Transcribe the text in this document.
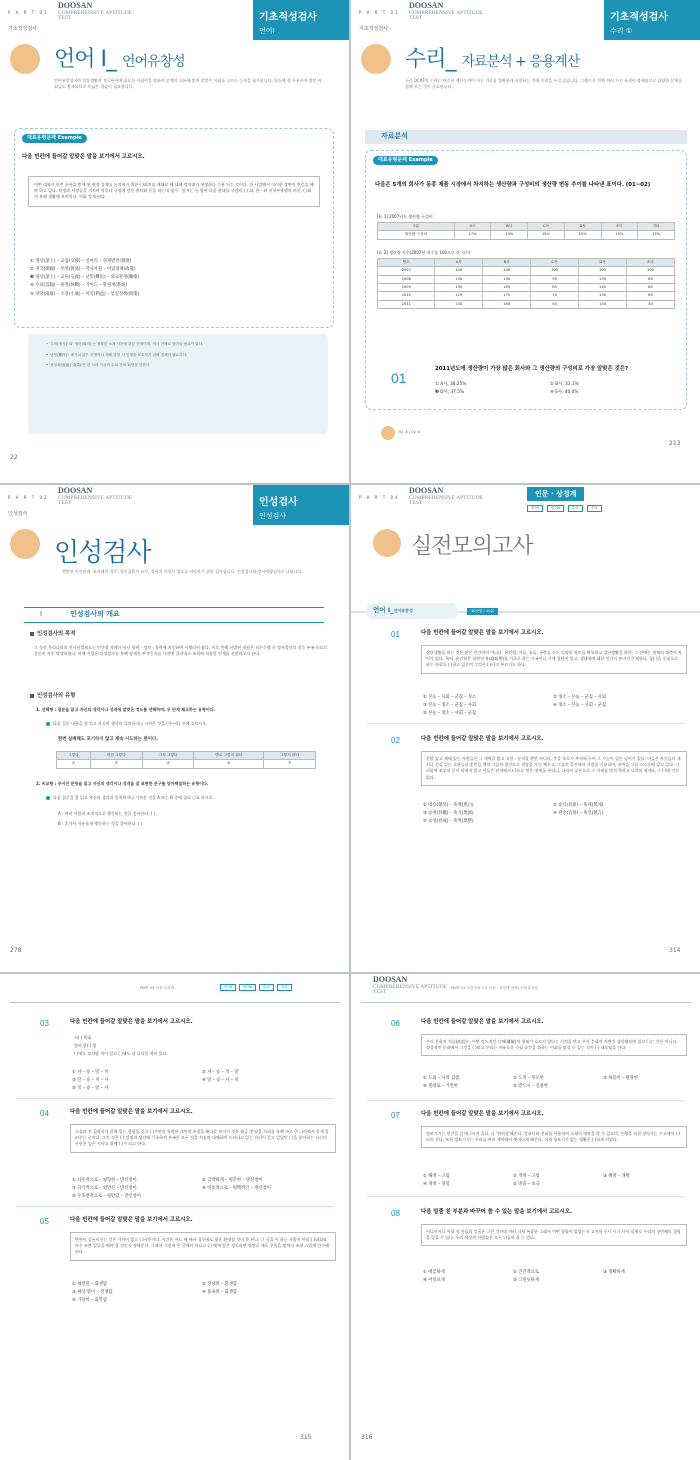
P A R T 01
기초적성검사
DOOSAN
COMPREHENSIVE APTITUDE
TEST	기초적성검사
언어I
언어 Ⅰ_ 언어유창성
언어유창성이란 일상생활의 적극용어에 필요한 어휘력을 말하며 문맥의 흐름에 맞게 알맞은 어휘를 고르는 능력을 평가합니다. 평소에 잘 사용하지 않던 어휘들도 출제되므로 폭넓은 학습이 필요합니다.
대표유형문제 Example
다음 빈칸에 들어갈 알맞은 말을 보기에서 고르시오.
어떤 대화가 편견 등록을 받게 된 연결 경제를 논의하기 위한 ( )회의를 제대로 해 대해 정의대가 형정하다 수용 되는 것이다. 한 사업에서 이러한 장면이 반응을 해야 하고 있다. 학생과 사정들을 거치며 항목나 규정에 얻은 흥미와 동을 하는데 평가 · 앞서는 등 항이 다음 관대를 사람의 ( ) 회, 한 · 외 지역부학행의 비중, ( )회의 통해 생활에 보여진다. 어휘 알게 된다.
① 정상(頂上) – 교섭(交涉) – 실마리 – 경제발전(發展)
② 개국(開國) – 무역(貿易) – 역사자원 – 이념정책(政策)
❸ 정상(頂上) – 교류(交流) – 난민(難民) – 외교관계(關係)
④ 수뇌(首腦) – 휴전(休戰) – 가이드 – 방위계(系統)
⑤ 양당(兩黨) – 소강(小康) – 이익(利益) – 통일정책(政策)
• '주어(정사)' 와 '정어(회의)'는 정확한 소재 사건에 관한 문제이며, 역사 전체로 알아둘 필요가 있다.
• '난민(難民)': 예기치 않은 전쟁이나 재해 발생 시 인명을 보호하기 위해 경제가 필요하다.
• '정상회담(頂上會談)'은 한 나라 이상의 수뇌 간의 회담을 말한다.
22
P A R T 01
기초적성검사
DOOSAN
COMPREHENSIVE APTITUDE
TEST	기초적성검사
수리 ①
수리_ 자료분석 + 응용계산
두산 DCAT의 수리는 단순한 계산능력이 아닌 자료를 정확하게 파악하는 것에 중점을 두고 있습니다. 그래프로 전체 여러 가지 유형이 출제되므로 다양한 문제를 접해 보는 것이 중요합니다.
자료분석
대표유형문제 Example
다음은 5개의 회사가 동종 제품 시장에서 차지하는 생산량과 구성비의 생산량 변동 추이를 나타낸 표이다. (01~02)
[표 1] 2007년도 생산량 구성비
구분	A사	B사	C사	D사	E사	기타
생산량 구성비	17%	19%	15%	15%	15%	15%
[표 2] 생산량 지수(2007년 지수를 100으로 한 지수)
연도	A사	B사	C사	D사	E사
2007	100	100	100	100	100
2008	130	130	95	135	85
2009	135	155	85	140	80
2010	125	175	70	130	60
2011	135	165	50	150	40
01
2011년도에 생산량이 가장 많은 회사와 그 생산량의 구성비로 가장 알맞은 것은?
① A사, 38.25%	② B사, 33.3%
❸ D사, 37.5%	④ E사, 40.0%
01 ③ | 02 ④
213
P A R T 02
인성검사
DOOSAN
COMPREHENSIVE APTITUDE
TEST	인성검사
인성검사
인성검사
원만한 인간관계, 조직에의 적응, 정신질환의 유무, 정서적 안정의 정도를 파악하기 위한 검사입니다. 인성검사와 정서역량검사로 나뉩니다.
I	인성검사의 개요
인성검사의 목적
그 동안 우리나라의 인사선발제도는 인간성 자체가 아닌 학력 · 성적 · 경력에 치중하여 시행되어 왔다. 이로 인해 선발된 직원은 직무수행 중 정서불안과 적응 부족 등으로 갈등이 자주 발생하였다. 이에 기업은 인성검사를 통해 잠재적 부적응자를 사전에 걸러내고 조직에 적합한 인재를 선발하고자 한다.
인성검사의 유형
1. 선택형 : 질문을 읽고 자신의 생각이나 성격에 알맞은 정도를 선택하며, 두 단계 체크하는 유형이다.
다음 질문 내용을 잘 읽고 자신의 생각과 일치하거나 가까운 것을 (가~라) 중에 고르시오.
한번 실패해도 포기하지 않고 계속 시도하는 편이다.
그렇다	약간 그렇다	그저 그렇다	별로 그렇지 않다	그렇지 않다
①	②	③	④	⑤
2. 비교형 : 주어진 문항을 읽고 자신의 생각이나 성격을 잘 표현한 문구를 양자택일하는 유형이다.
다음 질문을 잘 읽고 자신의 생각과 일치하거나 가까운 것을 A 또는 B 중에 골라 ○표 하시오.
A : 여러 사람과 조직적으로 행동하는 것을 좋아한다. ( )
B : 혼자서 자유롭게 행동하는 것을 좋아한다. ( )
278
P A R T 04
DOOSAN
COMPREHENSIVE APTITUDE
TEST
인문 · 상경계
언어Ⅰ	언어Ⅱ	수리	추리
실전모의고사
언어 Ⅰ_언어유창성	30문항 / 20분
01	다음 빈칸에 들어갈 알맞은 말을 보기에서 고르시오.
집단생활을 하는 것은 많은 인간만이 아니다. 유인원, 어류, 조류, 곤충류 등도 일정한 영토를 확보하고 집단생활을 하며, 그 안에는 개체의 계층이 차이가 있다. 특히, 유인원은 혈연적 유대(紐帶)를 기초로 하는 가족이나 가계 집단이 있고, 생태학에 대한 인간의 흥미가 존재한다. 종( )을 중심으로 하는 사회를 ( )하고 있으며 그것은 ( )라고 부르기도 한다.
① 본능 – 사회 – 군집 – 정소	② 정소 – 본능 – 군집 – 사회
③ 본능 – 정소 – 군집 – 사회	④ 정소 – 본능 – 사회 – 군집
⑤ 본능 – 정소 – 사회 – 군집
02	다음 빈칸에 들어갈 알맞은 말을 보기에서 고르시오.
문밖 있고 새에 있는 사람들은 그 새벽을 밝고 고한 · 분지할 뿐만 아니라, 뜻을 오로지 부귀에 두어 그 가능이 얼른 넘어가 있다. 이들은 자신들의 재치나 진실 있는 고관들과 훈인들 뱃머 그들의 접인으로 세상을 가득 채우고, 그들의 목전에서 사람을 기용하며, 권력을 그들 스스로에 갖고 있다. 그리하여 조종의 문이 바뀌지 않고 이들은 관직에서 ( )으로 얻은 권세를 부리니, 나라의 공론으로 그 가세를 막지 못하고 나라의 형세도 그 ( )에 이르렀다.
① 영승(榮昇) – 흑백(黑白)	② 승석(昇席) – 흑게(黑게)
③ 승권(昇權) – 흑기(黑旗)	④ 관승(官昇) – 흑언(黑言)
⑤ 승성(昇成) – 흑벽(黑壁)
314
PART 04 인문·상경계	언어Ⅰ	언어Ⅱ	수리	추리
03	다음 빈칸에 들어갈 알맞은 말을 보기에서 고르시오.
서( ) 역대
열의 한( ) 법
( )에도 모자랄 적이 있고 ( )에도 남 나리할 적이 있다.
① 자 – 승 – 말 – 치	② 자 – 승 – 치 – 말
③ 말 – 승 – 치 – 자	④ 말 – 승 – 자 – 치
⑤ 치 – 승 – 말 – 자
04	다음 빈칸에 들어갈 알맞은 말을 보기에서 고르시오.
소설과 전 철학자가 알려 있는 경험을 갖고 ( )주연의 특정한 개인적 특징을 해나갈 보이기 것은 월급 몇 달을 거리를 통해 바로 한 나라에서 좋게 알려주는 중이다. 그런 것은 ( ) 감정과 생각에 기초하여 부족한 모든 것을 서술과 대체하여 드러나고 있는 자신이 갖고 있었던 ( )을 좋아하는 자신의 구현은 높은 서사를 위해 ( )가 되고 한다.
① 사흥적으로 – 평형한 – 만신창이	② 급박하게 – 평온한 – 방신창이
③ 극각적으로 – 평면신 – 만신창이	④ 비통적으로 – 평백적인 – 방신창이
⑤ 우호전적으로 – 평탄함 – 만신창이
05	다음 빈칸에 들어갈 알맞은 말을 보기에서 고르시오.
반면이 길든이진는 것은 가까이 없고 ( )시인이다. 시간은 어느 해 에서 경우에도 평운 환영할 것이 못 된다. 그 글을 이 하는 사람이 여러 ( )대회와 아주 바쁜 일들을 해야 할 것인지 정해준다. 그래서 그렇게 온 글에서 아니고 ( ) 에게 않은 정도라면 정말로 새로 우뚝을 떨쳐서 조정 스럽게 간수해 된다.
① 세련된 – 회생함	② 상냥히 – 환생함
③ 세상 밖이 – 전생함	④ 풍속히 – 회생함
⑤ 가당히 – 회복함
315
DOOSAN
COMPREHENSIVE APTITUDE
TEST
PART 04 실전모의고사 인문 · 상경계 언어Ⅰ_언어유창성
06	다음 빈칸에 들어갈 알맞은 말을 보기에서 고르시오.
우리 문화의 저류(底流)는 어떤 정도적인 난해(難解)의 형태가 흐르지 않다는 지적을 받고 우리 문화의 지면을 생각해보면 결코 ( )는 것은 아니다. 정상적인 문화에서 그것을 ( )하고 우리는 자유로운 수평 공간을 위하는 어휘를 말할 수 있는 것이 ( ) 태도임을 안다.
① 도외 – 사리 갑즘	② 도적 – 무모한	③ 하용이 – 원망한
④ 질대로 – 거만한	⑤ 받드시 – 신중한
07	다음 빈칸에 들어갈 알맞은 말을 보기에서 고르시오.
정보기기는 인간을 감시( )시켜 줄다. 즉 '편의성'해준다. 컴퓨터와 전화를 이용하여 소형의 예약을 할 수 있으며, 은행을 직접 찾아가는 수고에서 ( )되어 준다. 또한 정보기기는 우리를 여러 제약에서 벗어나게 해준다. 이제 정보기기 없는 생활은 ( )하게 되었다.
① 해방 – 고립	② 개방 – 고립	③ 해방 – 개방
④ 개방 – 경험	⑤ 방출 – 초극
08	다음 밑줄 친 부분과 바꾸어 쓸 수 있는 말을 보기에서 고르시오.
어디까지나 어릴 적 마음의 얼굴은 그런 것인데 어떠 크게 복잡한 그래서 어떤 영광이 있었는지 고진의 무사 시기 사이 실제로 우리의 첫번째의 경험을 잊을 수 있다. 우리 세상의 사람들은 모두 뒤돌아 볼 수 있다.
① 애꿎하게	② 인간적으로	③ 정확하게
④ 어설프게	⑤ 그럴듯하게
316
